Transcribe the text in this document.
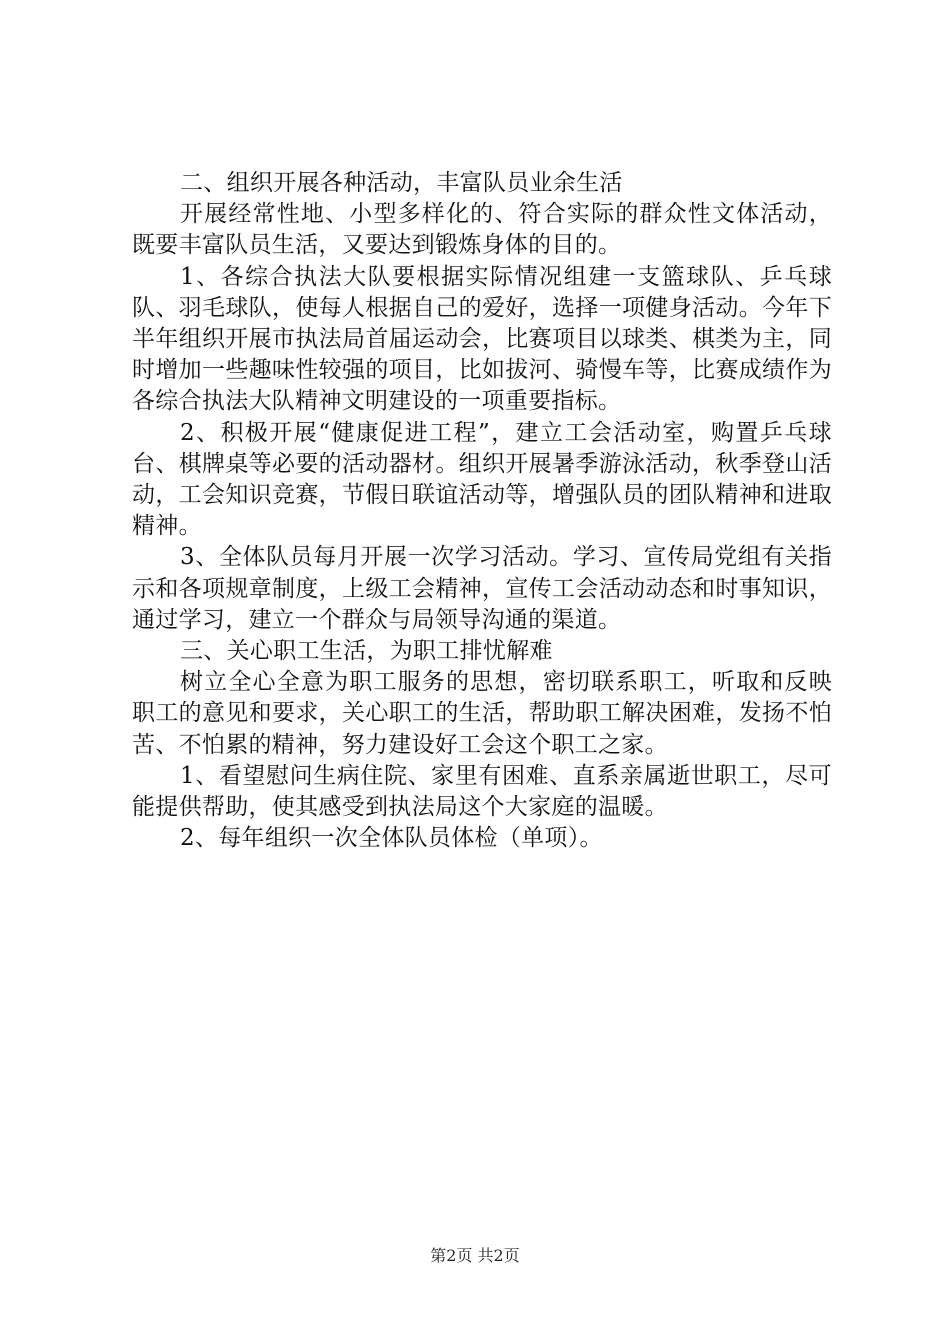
二、组织开展各种活动，丰富队员业余生活

开展经常性地、小型多样化的、符合实际的群众性文体活动，既要丰富队员生活，又要达到锻炼身体的目的。

1、各综合执法大队要根据实际情况组建一支篮球队、乒乓球队、羽毛球队，使每人根据自己的爱好，选择一项健身活动。今年下半年组织开展市执法局首届运动会，比赛项目以球类、棋类为主，同时增加一些趣味性较强的项目，比如拔河、骑慢车等，比赛成绩作为各综合执法大队精神文明建设的一项重要指标。

2、积极开展“健康促进工程”，建立工会活动室，购置乒乓球台、棋牌桌等必要的活动器材。组织开展暑季游泳活动，秋季登山活动，工会知识竞赛，节假日联谊活动等，增强队员的团队精神和进取精神。

3、全体队员每月开展一次学习活动。学习、宣传局党组有关指示和各项规章制度，上级工会精神，宣传工会活动动态和时事知识，通过学习，建立一个群众与局领导沟通的渠道。

三、关心职工生活，为职工排忧解难

树立全心全意为职工服务的思想，密切联系职工，听取和反映职工的意见和要求，关心职工的生活，帮助职工解决困难，发扬不怕苦、不怕累的精神，努力建设好工会这个职工之家。

1、看望慰问生病住院、家里有困难、直系亲属逝世职工，尽可能提供帮助，使其感受到执法局这个大家庭的温暖。

2、每年组织一次全体队员体检（单项）。

第2页 共2页
